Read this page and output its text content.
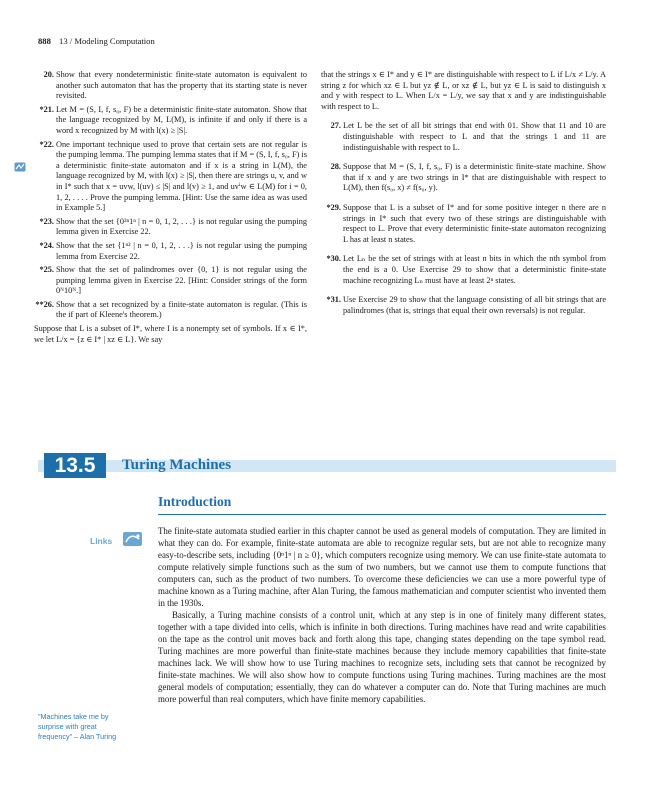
888 13 / Modeling Computation
20. Show that every nondeterministic finite-state automaton is equivalent to another such automaton that has the property that its starting state is never revisited.
*21. Let M = (S, I, f, s₀, F) be a deterministic finite-state automaton. Show that the language recognized by M, L(M), is infinite if and only if there is a word x recognized by M with l(x) ≥ |S|.
*22. One important technique used to prove that certain sets are not regular is the pumping lemma. The pumping lemma states that if M = (S, I, f, s₀, F) is a deterministic finite-state automaton and if x is a string in L(M), the language recognized by M, with l(x) ≥ |S|, then there are strings u, v, and w in I* such that x = uvw, l(uv) ≤ |S| and l(v) ≥ 1, and uvⁱw ∈ L(M) for i = 0, 1, 2, . . . . Prove the pumping lemma. [Hint: Use the same idea as was used in Example 5.]
*23. Show that the set {0²ⁿ1ⁿ | n = 0, 1, 2, . . .} is not regular using the pumping lemma given in Exercise 22.
*24. Show that the set {1ⁿ² | n = 0, 1, 2, . . .} is not regular using the pumping lemma from Exercise 22.
*25. Show that the set of palindromes over {0, 1} is not regular using the pumping lemma given in Exercise 22. [Hint: Consider strings of the form 0ᴺ10ᴺ.]
**26. Show that a set recognized by a finite-state automaton is regular. (This is the if part of Kleene's theorem.)

Suppose that L is a subset of I*, where I is a nonempty set of symbols. If x ∈ I*, we let L/x = {z ∈ I* | xz ∈ L}. We say

that the strings x ∈ I* and y ∈ I* are distinguishable with respect to L if L/x ≠ L/y. A string z for which xz ∈ L but yz ∉ L, or xz ∉ L, but yz ∈ L is said to distinguish x and y with respect to L. When L/x = L/y, we say that x and y are indistinguishable with respect to L.

27. Let L be the set of all bit strings that end with 01. Show that 11 and 10 are distinguishable with respect to L and that the strings 1 and 11 are indistinguishable with respect to L.
28. Suppose that M = (S, I, f, s₀, F) is a deterministic finite-state machine. Show that if x and y are two strings in I* that are distinguishable with respect to L(M), then f(s₀, x) ≠ f(s₀, y).
*29. Suppose that L is a subset of I* and for some positive integer n there are n strings in I* such that every two of these strings are distinguishable with respect to L. Prove that every deterministic finite-state automaton recognizing L has at least n states.
*30. Let Lₙ be the set of strings with at least n bits in which the nth symbol from the end is a 0. Use Exercise 29 to show that a deterministic finite-state machine recognizing Lₙ must have at least 2ⁿ states.
*31. Use Exercise 29 to show that the language consisting of all bit strings that are palindromes (that is, strings that equal their own reversals) is not regular.
13.5	Turing Machines
Introduction
Links

The finite-state automata studied earlier in this chapter cannot be used as general models of computation. They are limited in what they can do. For example, finite-state automata are able to recognize regular sets, but are not able to recognize many easy-to-describe sets, including {0ⁿ1ⁿ | n ≥ 0}, which computers recognize using memory. We can use finite-state automata to compute relatively simple functions such as the sum of two numbers, but we cannot use them to compute functions that computers can, such as the product of two numbers. To overcome these deficiencies we can use a more powerful type of machine known as a Turing machine, after Alan Turing, the famous mathematician and computer scientist who invented them in the 1930s.

Basically, a Turing machine consists of a control unit, which at any step is in one of finitely many different states, together with a tape divided into cells, which is infinite in both directions. Turing machines have read and write capabilities on the tape as the control unit moves back and forth along this tape, changing states depending on the tape symbol read. Turing machines are more powerful than finite-state machines because they include memory capabilities that finite-state machines lack. We will show how to use Turing machines to recognize sets, including sets that cannot be recognized by finite-state machines. We will also show how to compute functions using Turing machines. Turing machines are the most general models of computation; essentially, they can do whatever a computer can do. Note that Turing machines are much more powerful than real computers, which have finite memory capabilities.

"Machines take me by
surprise with great
frequency" – Alan Turing
